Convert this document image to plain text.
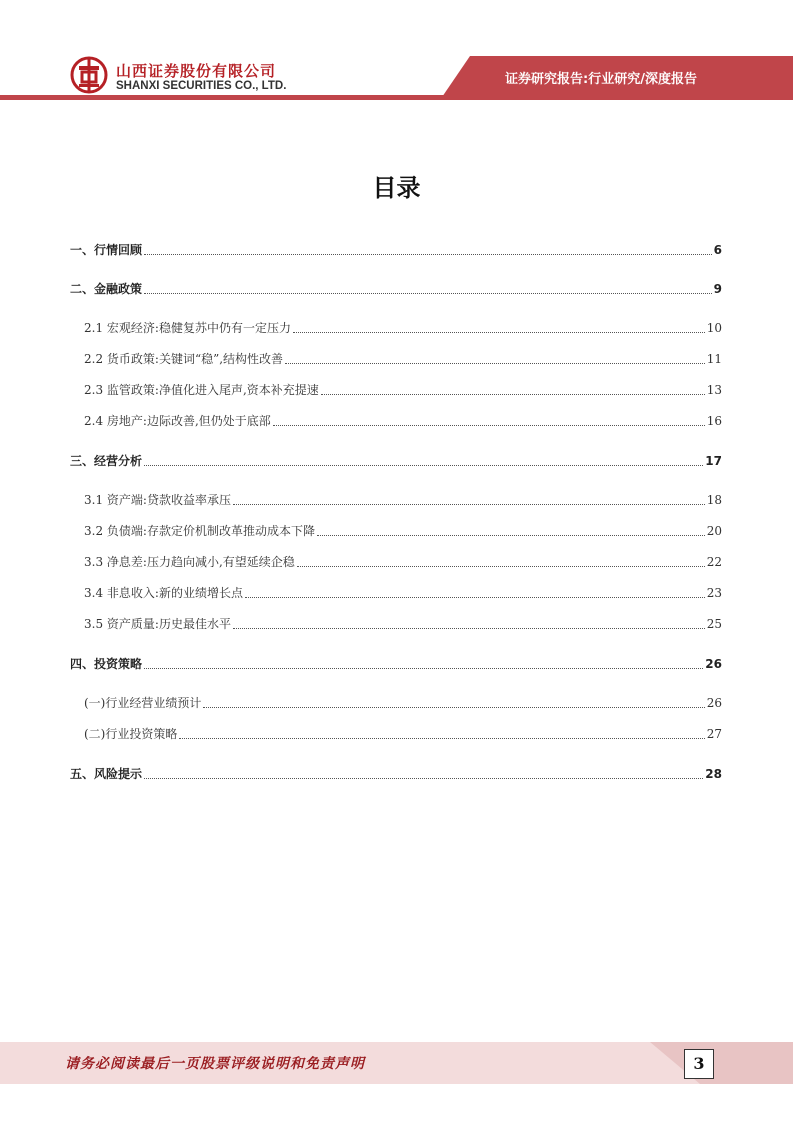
山西证券股份有限公司
SHANXI SECURITIES CO., LTD.	证券研究报告:行业研究/深度报告
目录
一、行情回顾	6
二、金融政策	9
2.1 宏观经济:稳健复苏中仍有一定压力	10
2.2 货币政策:关键词“稳”,结构性改善	11
2.3 监管政策:净值化进入尾声,资本补充提速	13
2.4 房地产:边际改善,但仍处于底部	16
三、经营分析	17
3.1 资产端:贷款收益率承压	18
3.2 负债端:存款定价机制改革推动成本下降	20
3.3 净息差:压力趋向减小,有望延续企稳	22
3.4 非息收入:新的业绩增长点	23
3.5 资产质量:历史最佳水平	25
四、投资策略	26
(一)行业经营业绩预计	26
(二)行业投资策略	27
五、风险提示	28
请务必阅读最后一页股票评级说明和免责声明	3
